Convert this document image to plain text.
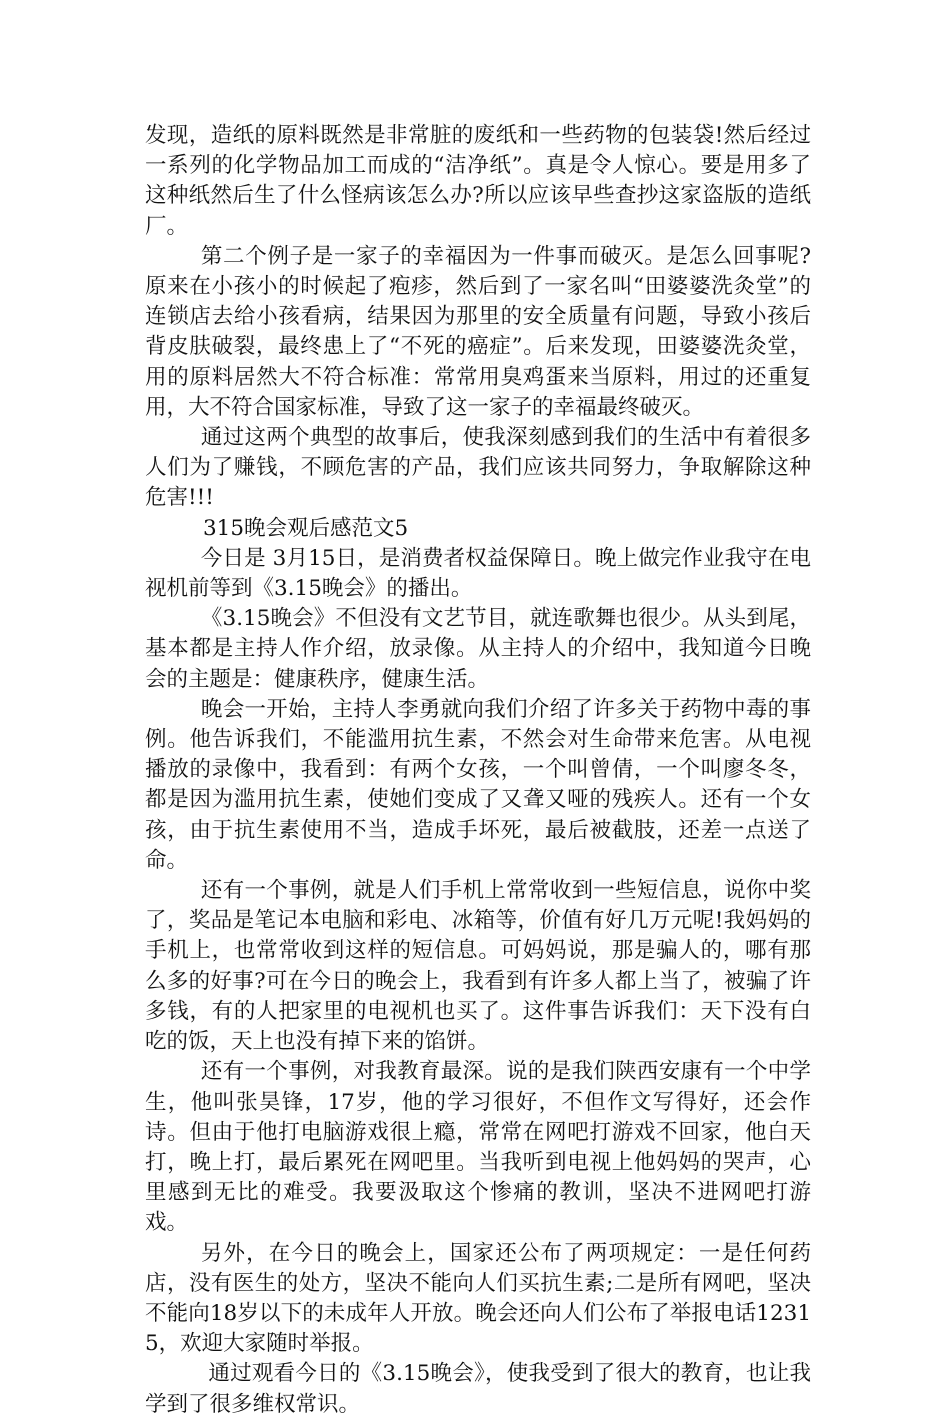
发现，造纸的原料既然是非常脏的废纸和一些药物的包装袋!然后经过一系列的化学物品加工而成的“洁净纸”。真是令人惊心。要是用多了这种纸然后生了什么怪病该怎么办?所以应该早些查抄这家盗版的造纸厂。

第二个例子是一家子的幸福因为一件事而破灭。是怎么回事呢?原来在小孩小的时候起了疱疹，然后到了一家名叫“田婆婆洗灸堂”的连锁店去给小孩看病，结果因为那里的安全质量有问题，导致小孩后背皮肤破裂，最终患上了“不死的癌症”。后来发现，田婆婆洗灸堂，用的原料居然大不符合标准：常常用臭鸡蛋来当原料，用过的还重复用，大不符合国家标准，导致了这一家子的幸福最终破灭。

通过这两个典型的故事后，使我深刻感到我们的生活中有着很多人们为了赚钱，不顾危害的产品，我们应该共同努力，争取解除这种危害!!!

315晚会观后感范文5

今日是 3月15日，是消费者权益保障日。晚上做完作业我守在电视机前等到《3.15晚会》的播出。

《3.15晚会》不但没有文艺节目，就连歌舞也很少。从头到尾，基本都是主持人作介绍，放录像。从主持人的介绍中，我知道今日晚会的主题是：健康秩序，健康生活。

晚会一开始，主持人李勇就向我们介绍了许多关于药物中毒的事例。他告诉我们，不能滥用抗生素，不然会对生命带来危害。从电视播放的录像中，我看到：有两个女孩，一个叫曾倩，一个叫廖冬冬，都是因为滥用抗生素，使她们变成了又聋又哑的残疾人。还有一个女孩，由于抗生素使用不当，造成手坏死，最后被截肢，还差一点送了命。

还有一个事例，就是人们手机上常常收到一些短信息，说你中奖了，奖品是笔记本电脑和彩电、冰箱等，价值有好几万元呢!我妈妈的手机上，也常常收到这样的短信息。可妈妈说，那是骗人的，哪有那么多的好事?可在今日的晚会上，我看到有许多人都上当了，被骗了许多钱，有的人把家里的电视机也买了。这件事告诉我们：天下没有白吃的饭，天上也没有掉下来的馅饼。

还有一个事例，对我教育最深。说的是我们陕西安康有一个中学生，他叫张昊锋，17岁，他的学习很好，不但作文写得好，还会作诗。但由于他打电脑游戏很上瘾，常常在网吧打游戏不回家，他白天打，晚上打，最后累死在网吧里。当我听到电视上他妈妈的哭声，心里感到无比的难受。我要汲取这个惨痛的教训，坚决不进网吧打游戏。

另外，在今日的晚会上，国家还公布了两项规定：一是任何药店，没有医生的处方，坚决不能向人们买抗生素;二是所有网吧，坚决不能向18岁以下的未成年人开放。晚会还向人们公布了举报电话12315，欢迎大家随时举报。

通过观看今日的《3.15晚会》，使我受到了很大的教育，也让我学到了很多维权常识。
